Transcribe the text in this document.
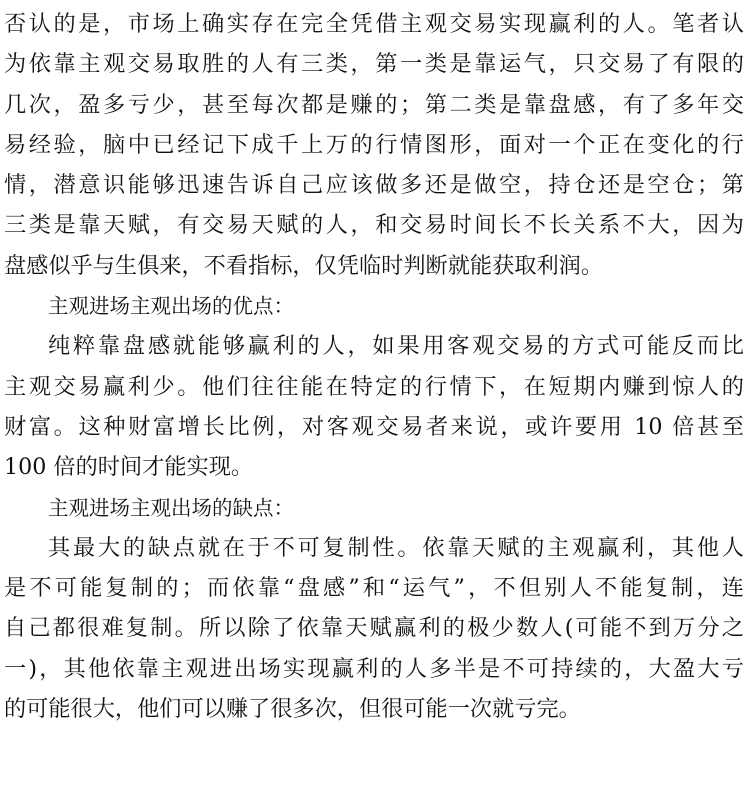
否认的是，市场上确实存在完全凭借主观交易实现赢利的人。笔者认
为依靠主观交易取胜的人有三类，第一类是靠运气，只交易了有限的
几次，盈多亏少，甚至每次都是赚的；第二类是靠盘感，有了多年交
易经验，脑中已经记下成千上万的行情图形，面对一个正在变化的行
情，潜意识能够迅速告诉自己应该做多还是做空，持仓还是空仓；第
三类是靠天赋，有交易天赋的人，和交易时间长不长关系不大，因为
盘感似乎与生俱来，不看指标，仅凭临时判断就能获取利润。
主观进场主观出场的优点：
纯粹靠盘感就能够赢利的人，如果用客观交易的方式可能反而比
主观交易赢利少。他们往往能在特定的行情下，在短期内赚到惊人的
财富。这种财富增长比例，对客观交易者来说，或许要用 10 倍甚至
100 倍的时间才能实现。
主观进场主观出场的缺点：
其最大的缺点就在于不可复制性。依靠天赋的主观赢利，其他人
是不可能复制的；而依靠“盘感”和“运气”，不但别人不能复制，连
自己都很难复制。所以除了依靠天赋赢利的极少数人(可能不到万分之
一)，其他依靠主观进出场实现赢利的人多半是不可持续的，大盈大亏
的可能很大，他们可以赚了很多次，但很可能一次就亏完。
